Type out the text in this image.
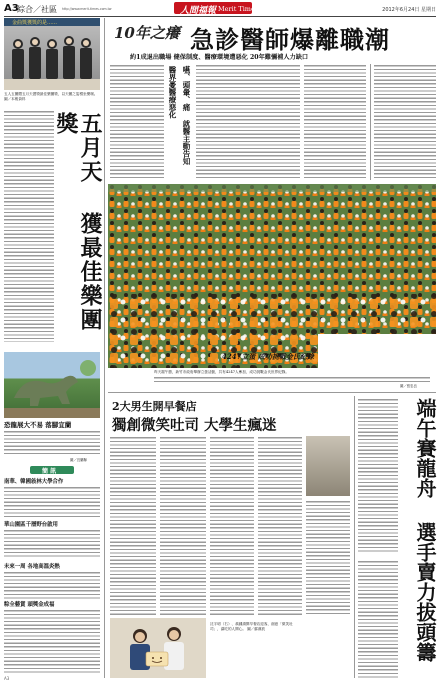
A3
綜合／社區 http://www.merit-times.com.tw	人間福報 Merit Times	2012年6月24日 星期日
金曲獎獲獎的是……
五人五團體五月天獲獎最佳樂團獎，以天團之姿穩坐樂壇。 圖／本報資料
五月天 獲最佳樂團獎
恐龍展大不易 落腳宜蘭
圖／宜蘭縣
簡 訊
南華、韓國敍林大學合作
華山園區千層野台啟用
未來一周 各地高溫炎熱
粽全藝賞 頭獎金成福
10年之癢 急診醫師爆離職潮
約1成退出職場 健保制度、醫療環境遭惡化 20年難彌補人力缺口
醫界憂醫療惡化 嚥、頭暈、痛 就醫主動告知
4247立蛋 成功挑戰金氏紀錄
昨天端午節，新竹市政府舉辦立蛋活動，共有4247人參加，成功挑戰金氏世界紀錄。
圖／張忠良
2大男生開早餐店
獨創微笑吐司 大學生瘋迷
沈宇明（右）、翁鍾鴻開早餐店迎客，創意「微笑吐司」，讓吃的人開心。 圖／蘇漢波	端午賽龍舟 選手賣力拔頭籌
A3
